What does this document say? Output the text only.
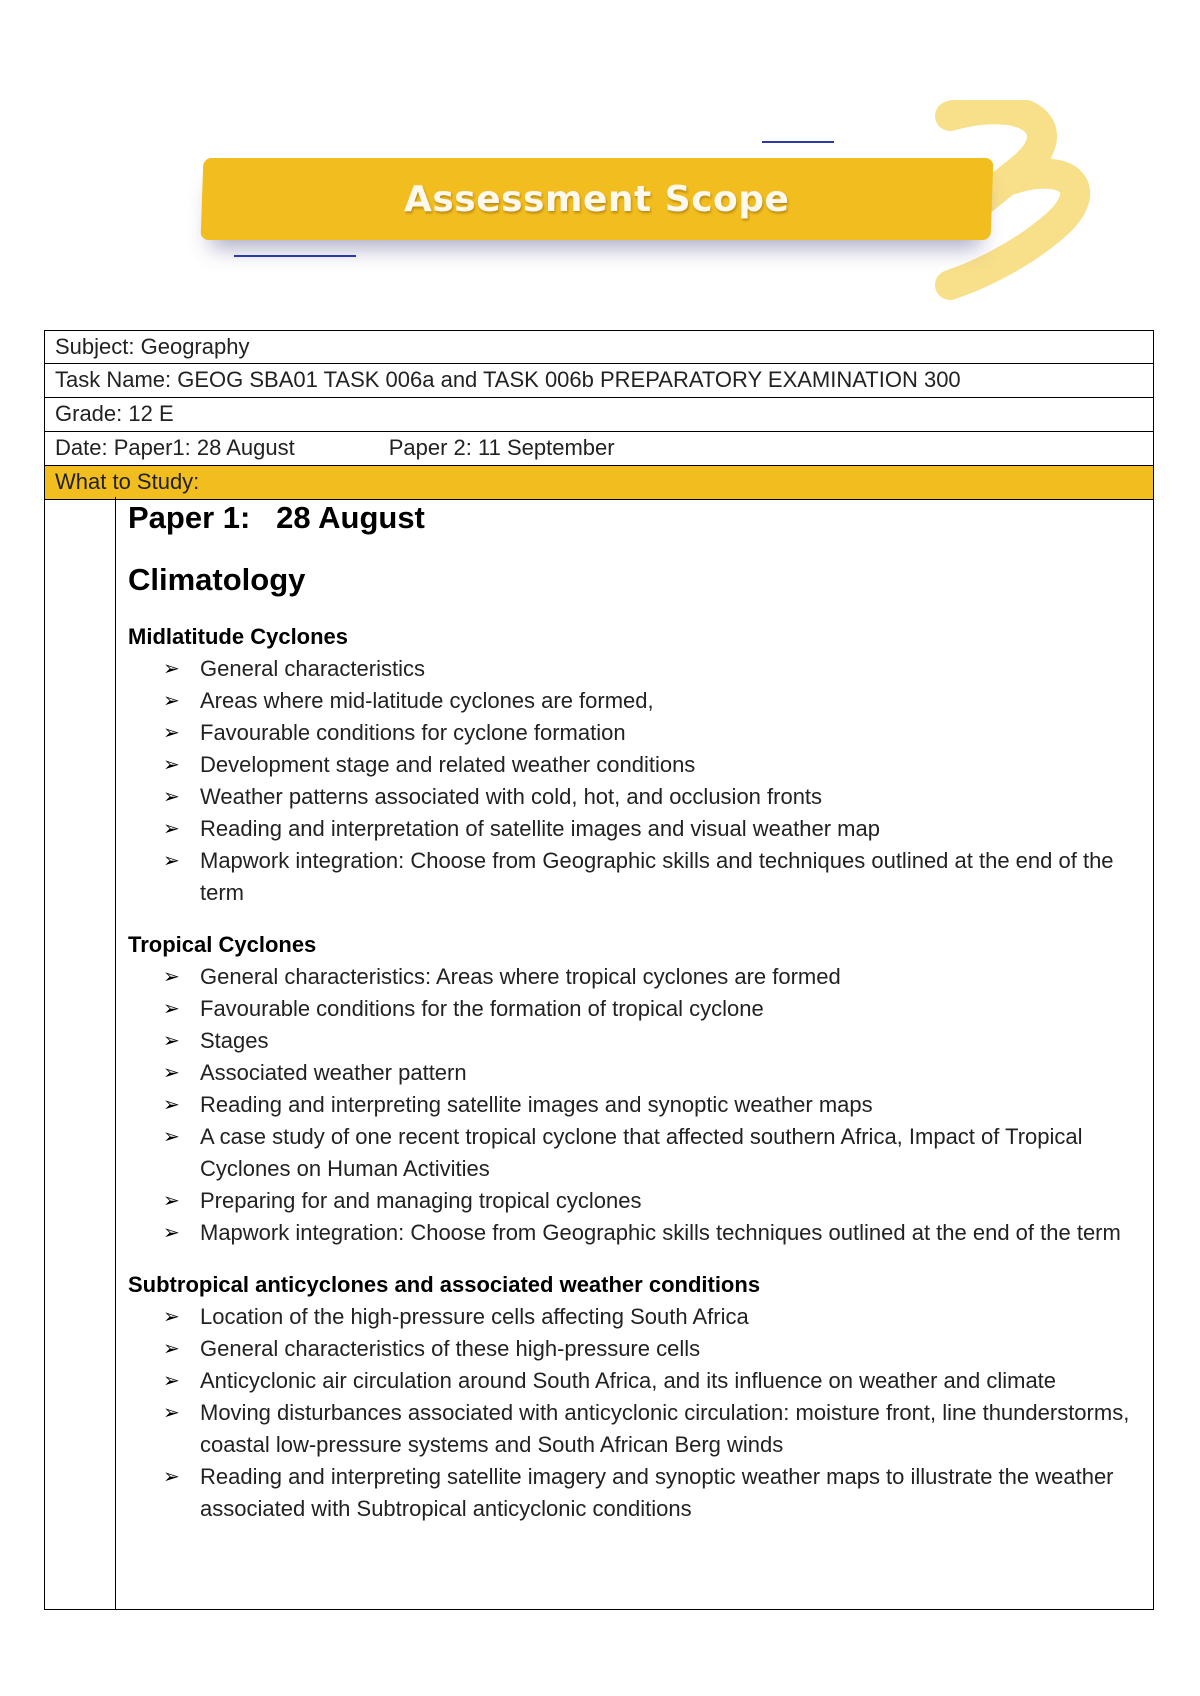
Assessment Scope
Subject: Geography
Task Name: GEOG SBA01 TASK 006a and TASK 006b PREPARATORY EXAMINATION 300
Grade: 12 E
Date: Paper1: 28 August	Paper 2: 11 September
What to Study:
Paper 1:   28 August
Climatology
Midlatitude Cyclones
➢ General characteristics
➢ Areas where mid-latitude cyclones are formed,
➢ Favourable conditions for cyclone formation
➢ Development stage and related weather conditions
➢ Weather patterns associated with cold, hot, and occlusion fronts
➢ Reading and interpretation of satellite images and visual weather map
➢ Mapwork integration: Choose from Geographic skills and techniques outlined at the end of the term
Tropical Cyclones
➢ General characteristics: Areas where tropical cyclones are formed
➢ Favourable conditions for the formation of tropical cyclone
➢ Stages
➢ Associated weather pattern
➢ Reading and interpreting satellite images and synoptic weather maps
➢ A case study of one recent tropical cyclone that affected southern Africa, Impact of Tropical Cyclones on Human Activities
➢ Preparing for and managing tropical cyclones
➢ Mapwork integration: Choose from Geographic skills techniques outlined at the end of the term
Subtropical anticyclones and associated weather conditions
➢ Location of the high-pressure cells affecting South Africa
➢ General characteristics of these high-pressure cells
➢ Anticyclonic air circulation around South Africa, and its influence on weather and climate
➢ Moving disturbances associated with anticyclonic circulation: moisture front, line thunderstorms, coastal low-pressure systems and South African Berg winds
➢ Reading and interpreting satellite imagery and synoptic weather maps to illustrate the weather associated with Subtropical anticyclonic conditions
